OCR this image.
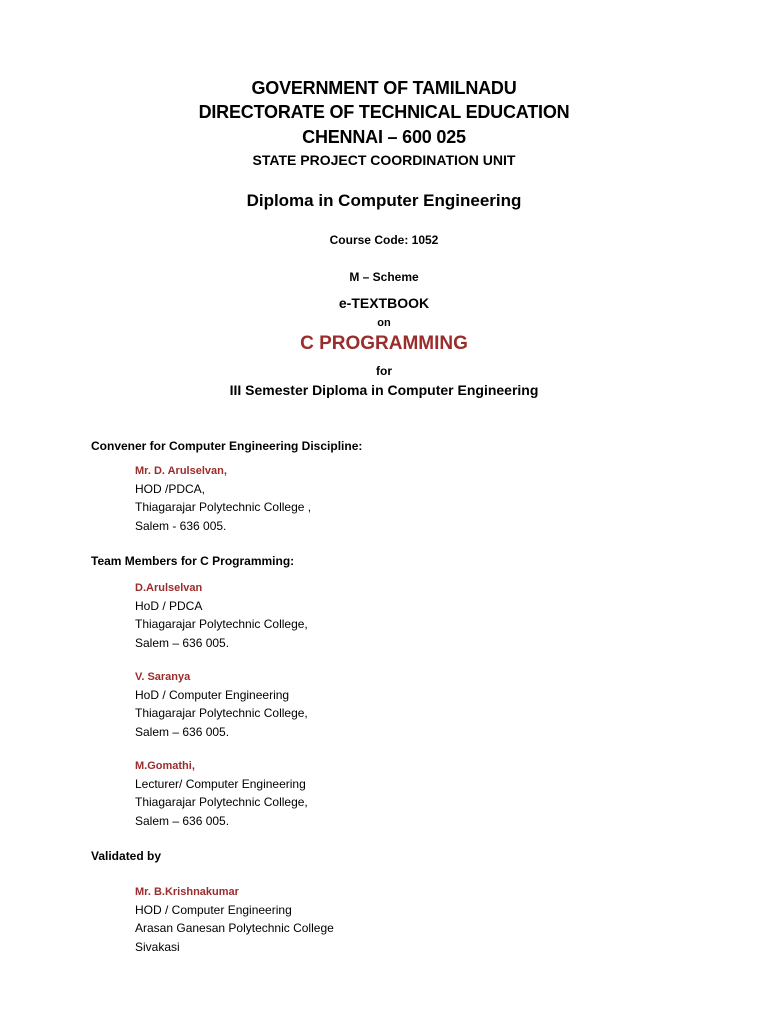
GOVERNMENT OF TAMILNADU
DIRECTORATE OF TECHNICAL EDUCATION
CHENNAI – 600 025
STATE PROJECT COORDINATION UNIT
Diploma in Computer Engineering
Course Code: 1052
M – Scheme
e-TEXTBOOK
on
C PROGRAMMING
for
III Semester Diploma in Computer Engineering
Convener for Computer Engineering Discipline:
Mr. D. Arulselvan,
HOD /PDCA,
Thiagarajar Polytechnic College ,
Salem - 636 005.
Team Members for C Programming:
D.Arulselvan
HoD / PDCA
Thiagarajar Polytechnic College,
Salem – 636 005.
V. Saranya
HoD / Computer Engineering
Thiagarajar Polytechnic College,
Salem – 636 005.
M.Gomathi,
Lecturer/ Computer Engineering
Thiagarajar Polytechnic College,
Salem – 636 005.
Validated by
Mr. B.Krishnakumar
HOD / Computer Engineering
Arasan Ganesan Polytechnic College
Sivakasi
